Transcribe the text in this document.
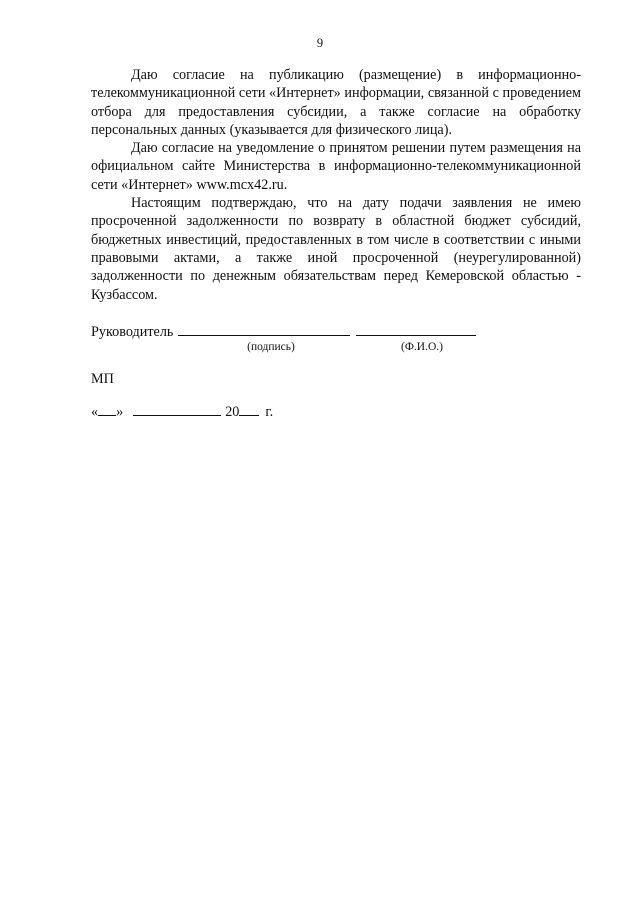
9

Даю согласие на публикацию (размещение) в информационно-телекоммуникационной сети «Интернет» информации, связанной с проведением отбора для предоставления субсидии, а также согласие на обработку персональных данных (указывается для физического лица).

Даю согласие на уведомление о принятом решении путем размещения на официальном сайте Министерства в информационно-телекоммуникационной сети «Интернет» www.mcx42.ru.

Настоящим подтверждаю, что на дату подачи заявления не имею просроченной задолженности по возврату в областной бюджет субсидий, бюджетных инвестиций, предоставленных в том числе в соответствии с иными правовыми актами, а также иной просроченной (неурегулированной) задолженности по денежным обязательствам перед Кемеровской областью - Кузбассом.

Руководитель
(подпись)	(Ф.И.О.)
МП
« »	20 г.
